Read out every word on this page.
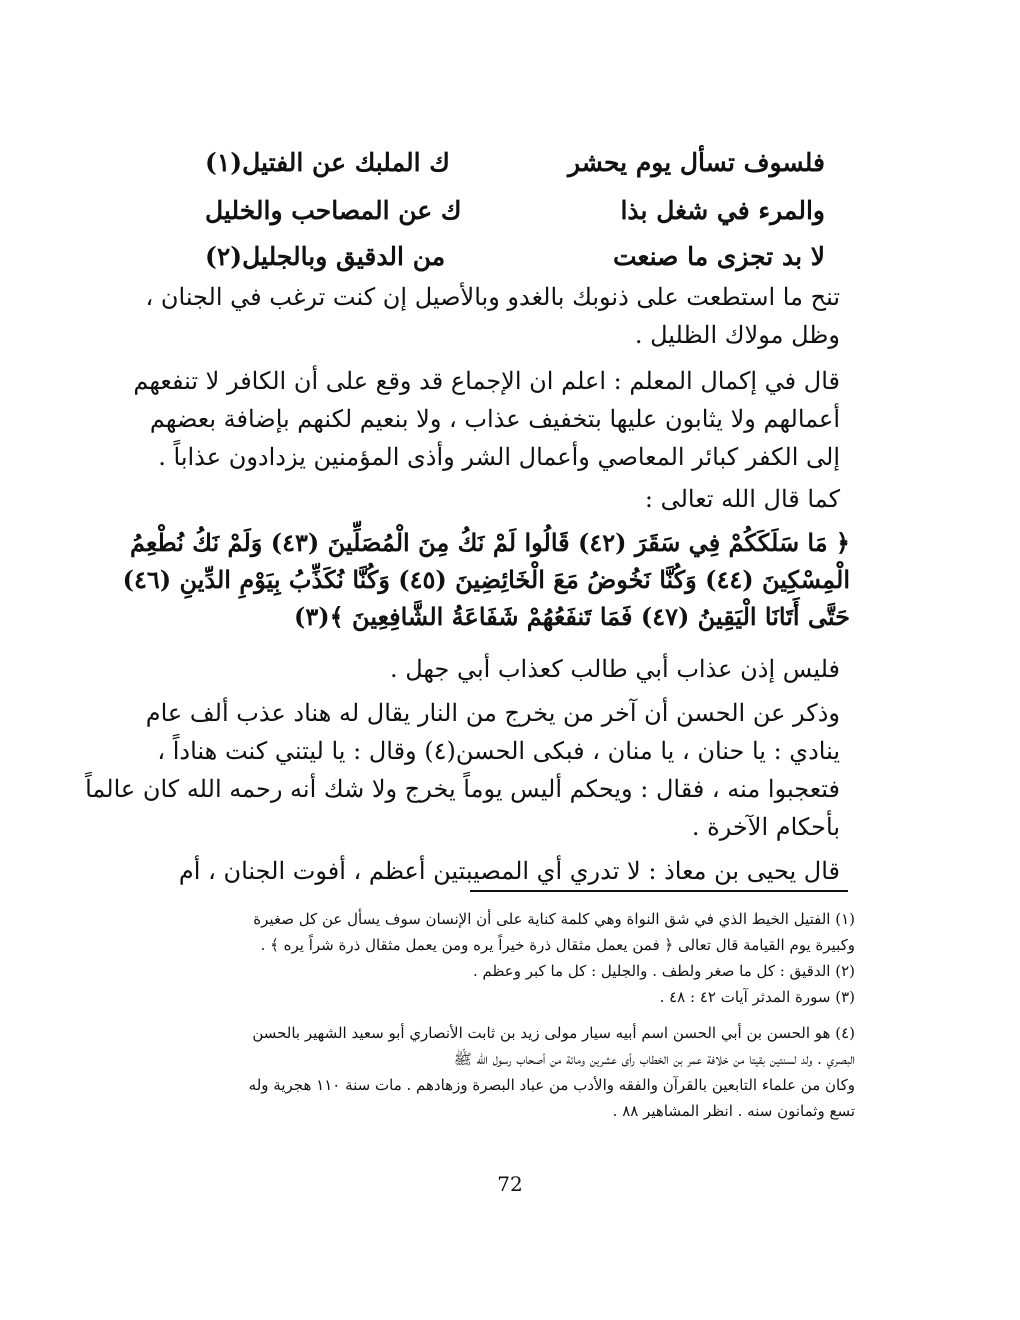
فلسوف تسأل يوم يحشر
ك الملبك عن الفتيل(١)
والمرء في شغل بذا
ك عن المصاحب والخليل
لا بد تجزى ما صنعت
من الدقيق وبالجليل(٢)
تنح ما استطعت على ذنوبك بالغدو وبالأصيل إن كنت ترغب في الجنان ،
وظل مولاك الظليل .
قال في إكمال المعلم : اعلم ان الإجماع قد وقع على أن الكافر لا تنفعهم
أعمالهم ولا يثابون عليها بتخفيف عذاب ، ولا بنعيم لكنهم بإضافة بعضهم
إلى الكفر كبائر المعاصي وأعمال الشر وأذى المؤمنين يزدادون عذاباً .
كما قال الله تعالى :
﴿ مَا سَلَكَكُمْ فِي سَقَرَ (٤٢) قَالُوا لَمْ نَكُ مِنَ الْمُصَلِّينَ (٤٣) وَلَمْ نَكُ نُطْعِمُ
الْمِسْكِينَ (٤٤) وَكُنَّا نَخُوضُ مَعَ الْخَائِضِينَ (٤٥) وَكُنَّا نُكَذِّبُ بِيَوْمِ الدِّينِ (٤٦)
حَتَّى أَتَانَا الْيَقِينُ (٤٧) فَمَا تَنفَعُهُمْ شَفَاعَةُ الشَّافِعِينَ ﴾(٣)
فليس إذن عذاب أبي طالب كعذاب أبي جهل .
وذكر عن الحسن أن آخر من يخرج من النار يقال له هناد عذب ألف عام
ينادي : يا حنان ، يا منان ، فبكى الحسن(٤) وقال : يا ليتني كنت هناداً ،
فتعجبوا منه ، فقال : ويحكم أليس يوماً يخرج ولا شك أنه رحمه الله كان عالماً
بأحكام الآخرة .
قال يحيى بن معاذ : لا تدري أي المصيبتين أعظم ، أفوت الجنان ، أم
(١) الفتيل الخيط الذي في شق النواة وهي كلمة كناية على أن الإنسان سوف يسأل عن كل صغيرة
وكبيرة يوم القيامة قال تعالى ﴿ فمن يعمل مثقال ذرة خيراً يره ومن يعمل مثقال ذرة شراً يره ﴾ .
(٢) الدقيق : كل ما صغر ولطف . والجليل : كل ما كبر وعظم .
(٣) سورة المدثر آيات ٤٢ : ٤٨ .
(٤) هو الحسن بن أبي الحسن اسم أبيه سيار مولى زيد بن ثابت الأنصاري أبو سعيد الشهير بالحسن
البصري . ولد لسنتين بقيتا من خلافة عمر بن الخطاب رأى عشرين ومائة من أصحاب رسول الله ﷺ
وكان من علماء التابعين بالقرآن والفقه والأدب من عباد البصرة وزهادهم . مات سنة ١١٠ هجرية وله
تسع وثمانون سنه . انظر المشاهير ٨٨ .
72
